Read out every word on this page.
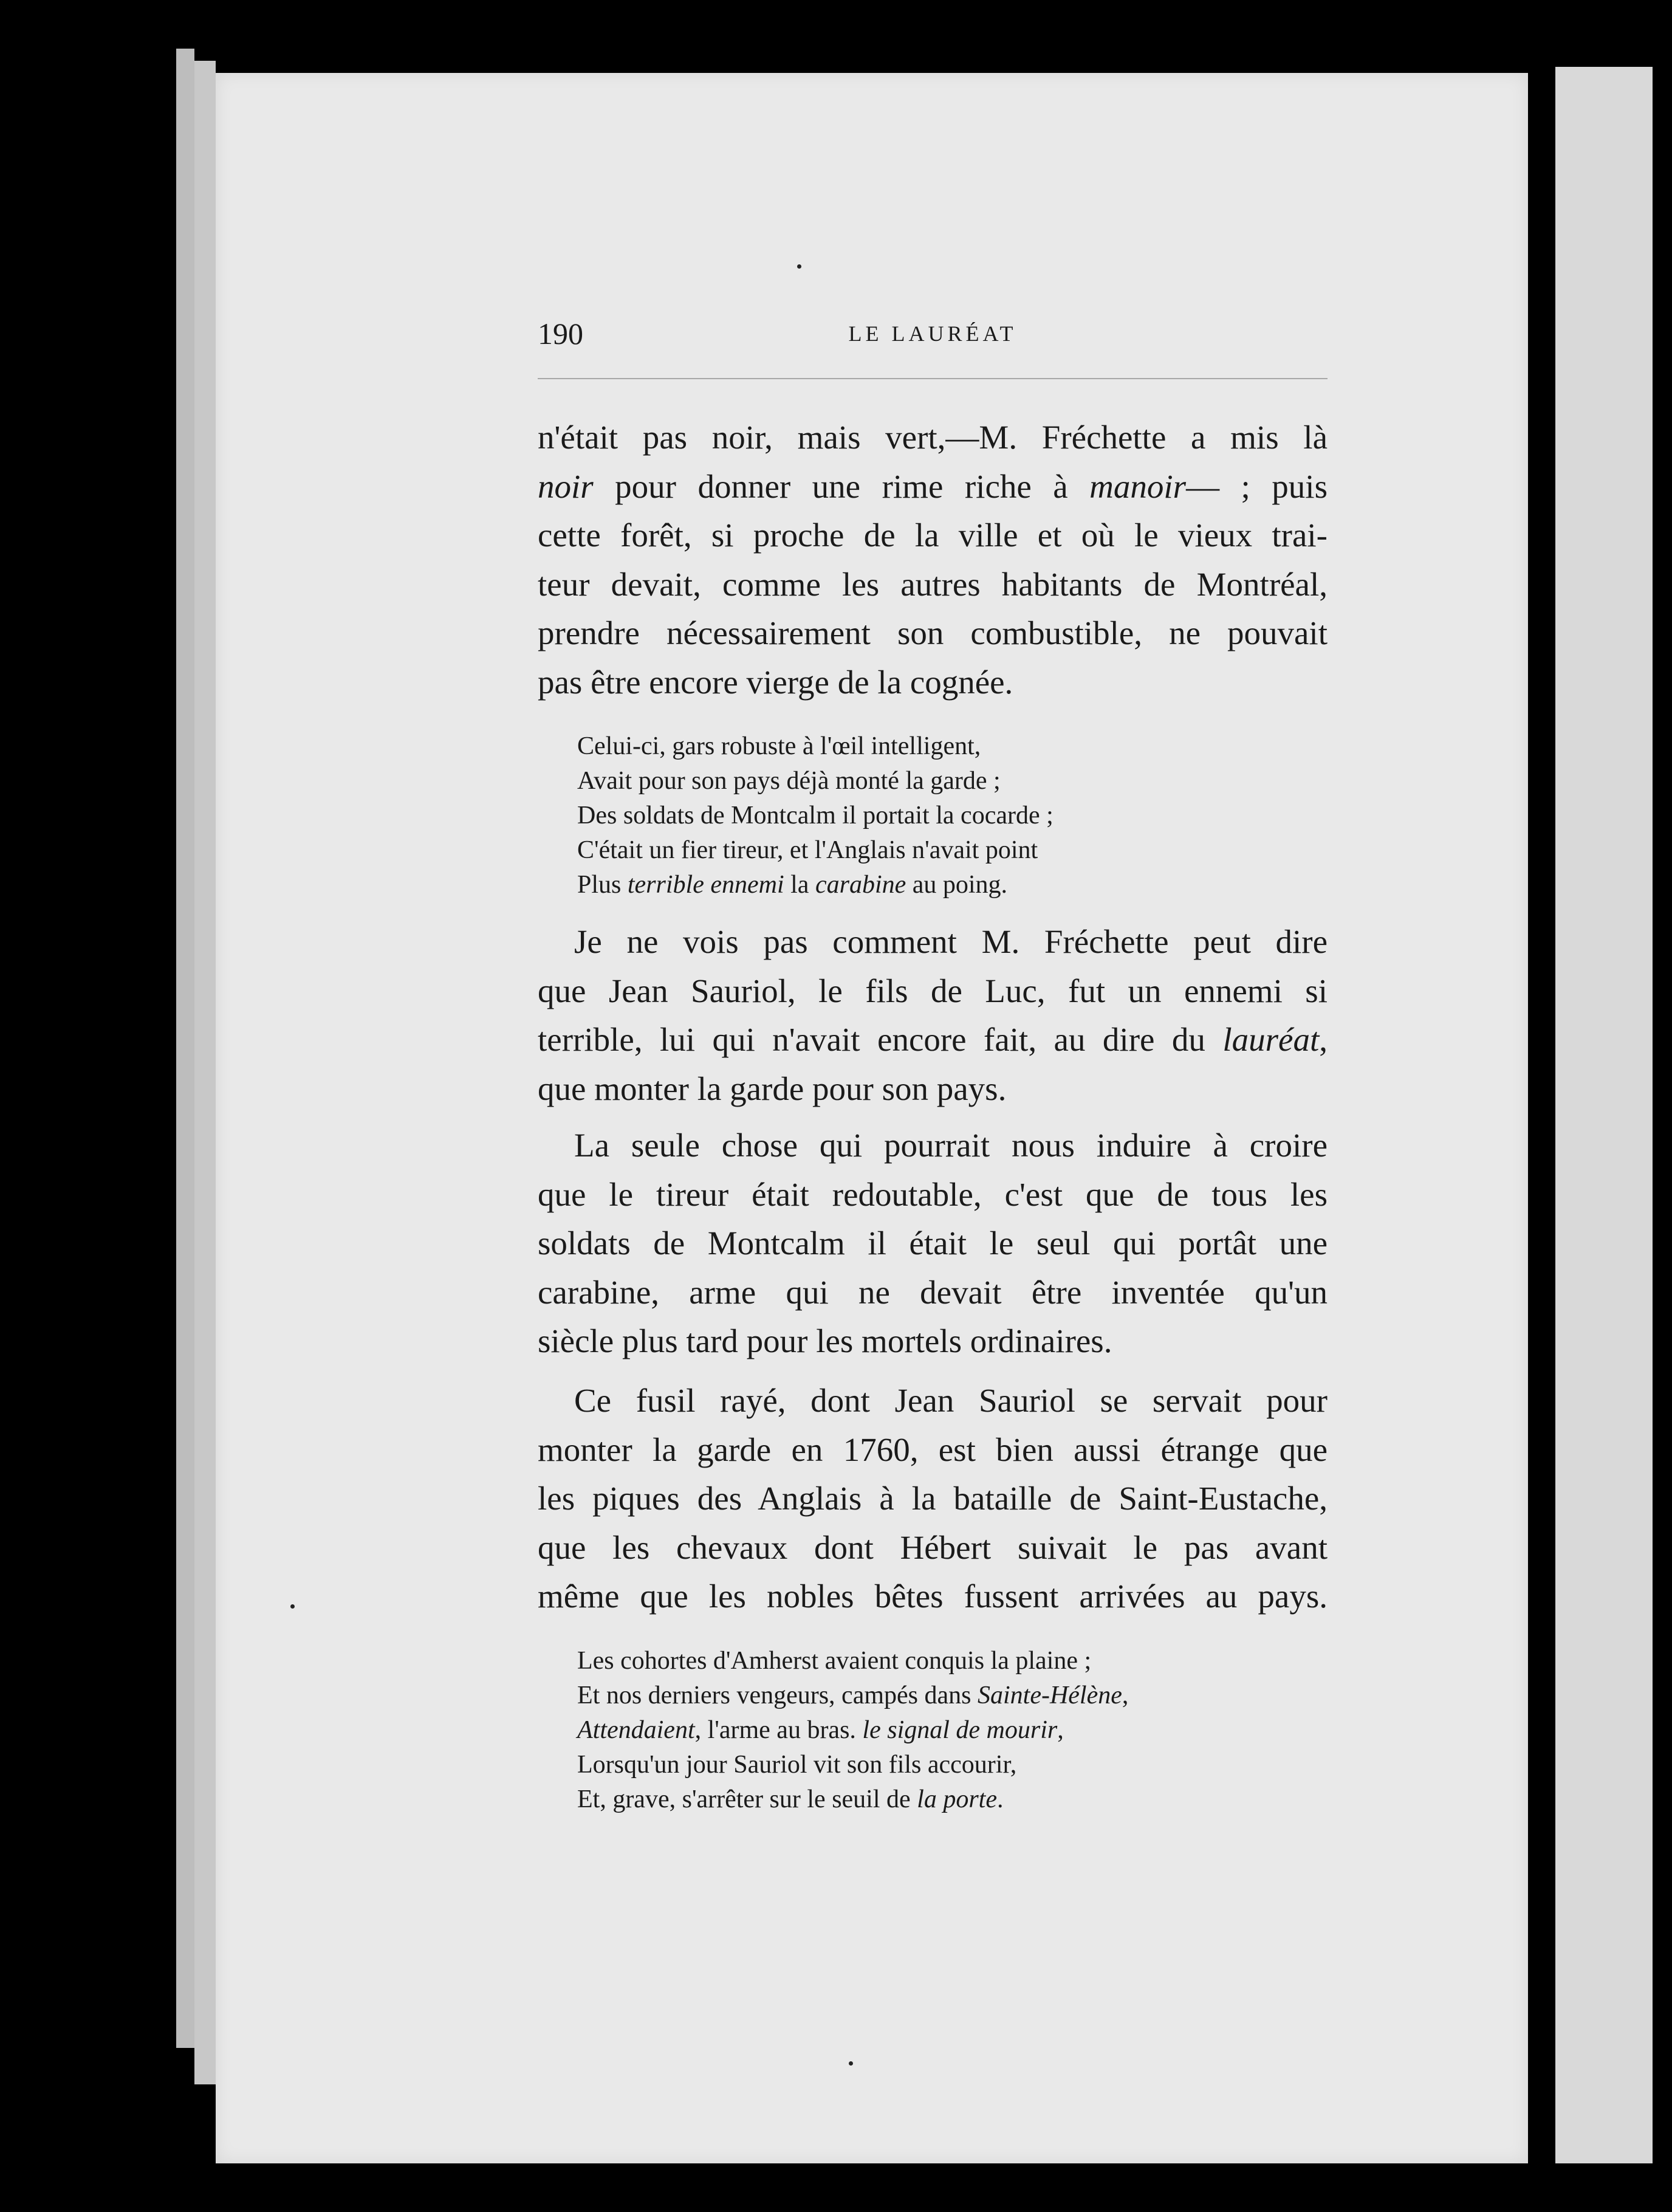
190	LE LAURÉAT
n'était pas noir, mais vert,—M. Fréchette a mis là
noir pour donner une rime riche à manoir— ; puis
cette forêt, si proche de la ville et où le vieux trai-
teur devait, comme les autres habitants de Montréal,
prendre nécessairement son combustible, ne pouvait
pas être encore vierge de la cognée.
Celui-ci, gars robuste à l'œil intelligent,
Avait pour son pays déjà monté la garde ;
Des soldats de Montcalm il portait la cocarde ;
C'était un fier tireur, et l'Anglais n'avait point
Plus terrible ennemi la carabine au poing.
Je ne vois pas comment M. Fréchette peut dire
que Jean Sauriol, le fils de Luc, fut un ennemi si
terrible, lui qui n'avait encore fait, au dire du lauréat,
que monter la garde pour son pays.
La seule chose qui pourrait nous induire à croire
que le tireur était redoutable, c'est que de tous les
soldats de Montcalm il était le seul qui portât une
carabine, arme qui ne devait être inventée qu'un
siècle plus tard pour les mortels ordinaires.
Ce fusil rayé, dont Jean Sauriol se servait pour
monter la garde en 1760, est bien aussi étrange que
les piques des Anglais à la bataille de Saint-Eustache,
que les chevaux dont Hébert suivait le pas avant
même que les nobles bêtes fussent arrivées au pays.
Les cohortes d'Amherst avaient conquis la plaine ;
Et nos derniers vengeurs, campés dans Sainte-Hélène,
Attendaient, l'arme au bras. le signal de mourir,
Lorsqu'un jour Sauriol vit son fils accourir,
Et, grave, s'arrêter sur le seuil de la porte.
